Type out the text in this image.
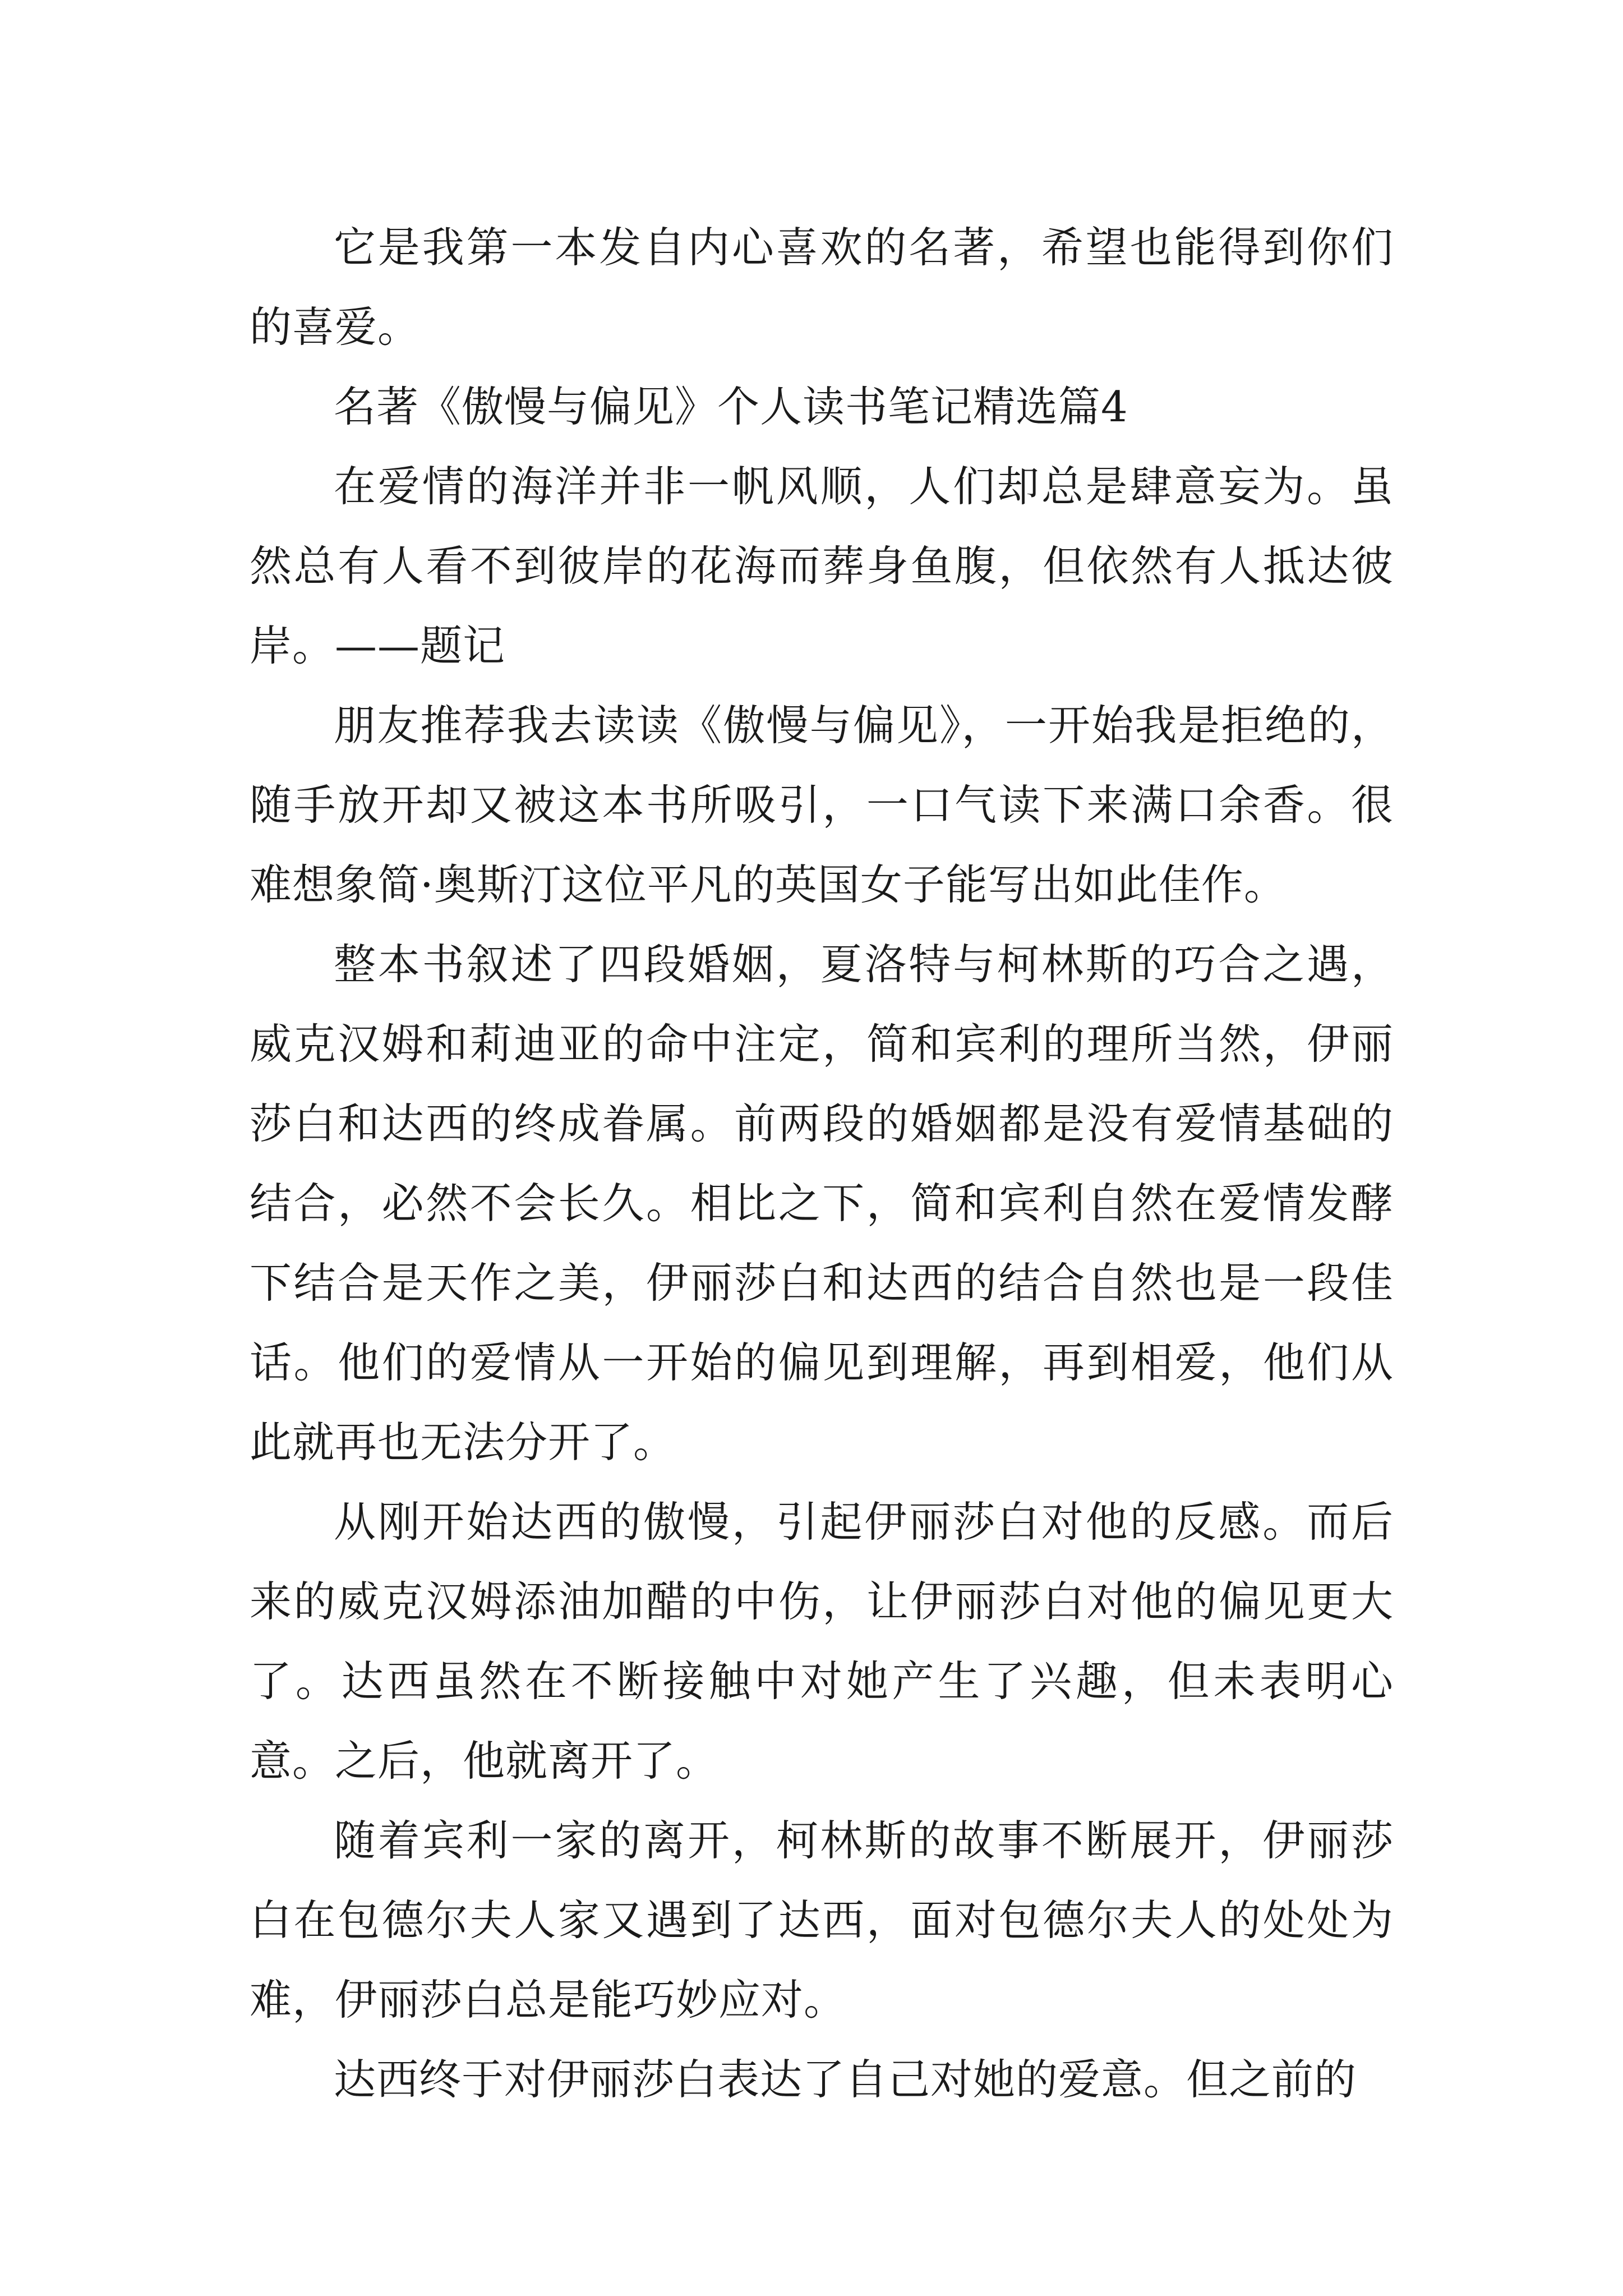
它是我第一本发自内心喜欢的名著，希望也能得到你们的喜爱。

名著《傲慢与偏见》个人读书笔记精选篇4

在爱情的海洋并非一帆风顺，人们却总是肆意妄为。虽然总有人看不到彼岸的花海而葬身鱼腹，但依然有人抵达彼岸。——题记

朋友推荐我去读读《傲慢与偏见》，一开始我是拒绝的，随手放开却又被这本书所吸引，一口气读下来满口余香。很难想象简·奥斯汀这位平凡的英国女子能写出如此佳作。

整本书叙述了四段婚姻，夏洛特与柯林斯的巧合之遇，威克汉姆和莉迪亚的命中注定，简和宾利的理所当然，伊丽莎白和达西的终成眷属。前两段的婚姻都是没有爱情基础的结合，必然不会长久。相比之下，简和宾利自然在爱情发酵下结合是天作之美，伊丽莎白和达西的结合自然也是一段佳话。他们的爱情从一开始的偏见到理解，再到相爱，他们从此就再也无法分开了。

从刚开始达西的傲慢，引起伊丽莎白对他的反感。而后来的威克汉姆添油加醋的中伤，让伊丽莎白对他的偏见更大了。达西虽然在不断接触中对她产生了兴趣，但未表明心意。之后，他就离开了。

随着宾利一家的离开，柯林斯的故事不断展开，伊丽莎白在包德尔夫人家又遇到了达西，面对包德尔夫人的处处为难，伊丽莎白总是能巧妙应对。

达西终于对伊丽莎白表达了自己对她的爱意。但之前的
